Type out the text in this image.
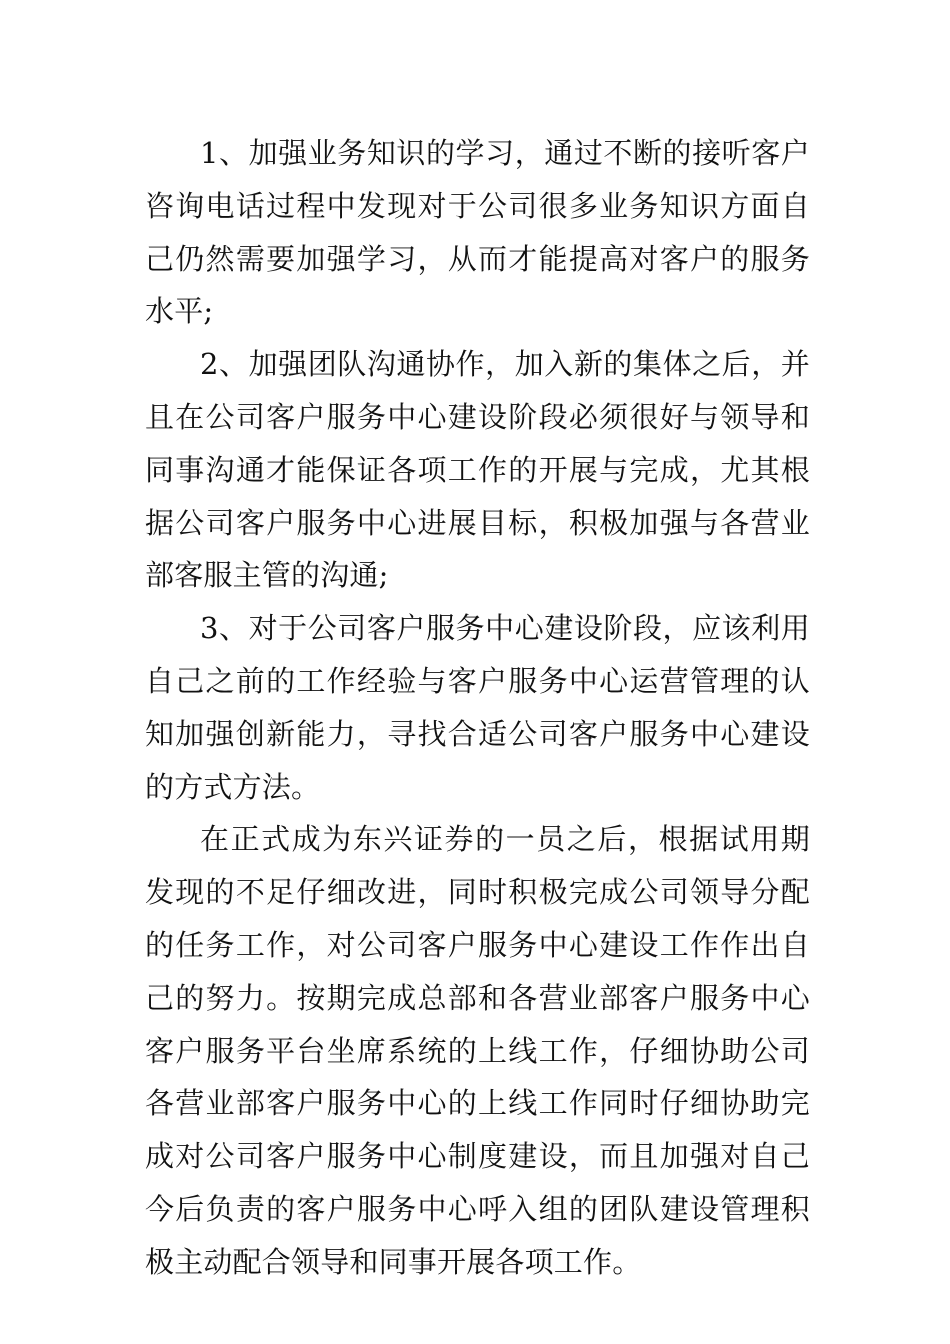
1、加强业务知识的学习，通过不断的接听客户咨询电话过程中发现对于公司很多业务知识方面自己仍然需要加强学习，从而才能提高对客户的服务水平;

2、加强团队沟通协作，加入新的集体之后，并且在公司客户服务中心建设阶段必须很好与领导和同事沟通才能保证各项工作的开展与完成，尤其根据公司客户服务中心进展目标，积极加强与各营业部客服主管的沟通;

3、对于公司客户服务中心建设阶段，应该利用自己之前的工作经验与客户服务中心运营管理的认知加强创新能力，寻找合适公司客户服务中心建设的方式方法。

在正式成为东兴证券的一员之后，根据试用期发现的不足仔细改进，同时积极完成公司领导分配的任务工作，对公司客户服务中心建设工作作出自己的努力。按期完成总部和各营业部客户服务中心客户服务平台坐席系统的上线工作，仔细协助公司各营业部客户服务中心的上线工作同时仔细协助完成对公司客户服务中心制度建设，而且加强对自己今后负责的客户服务中心呼入组的团队建设管理积极主动配合领导和同事开展各项工作。
